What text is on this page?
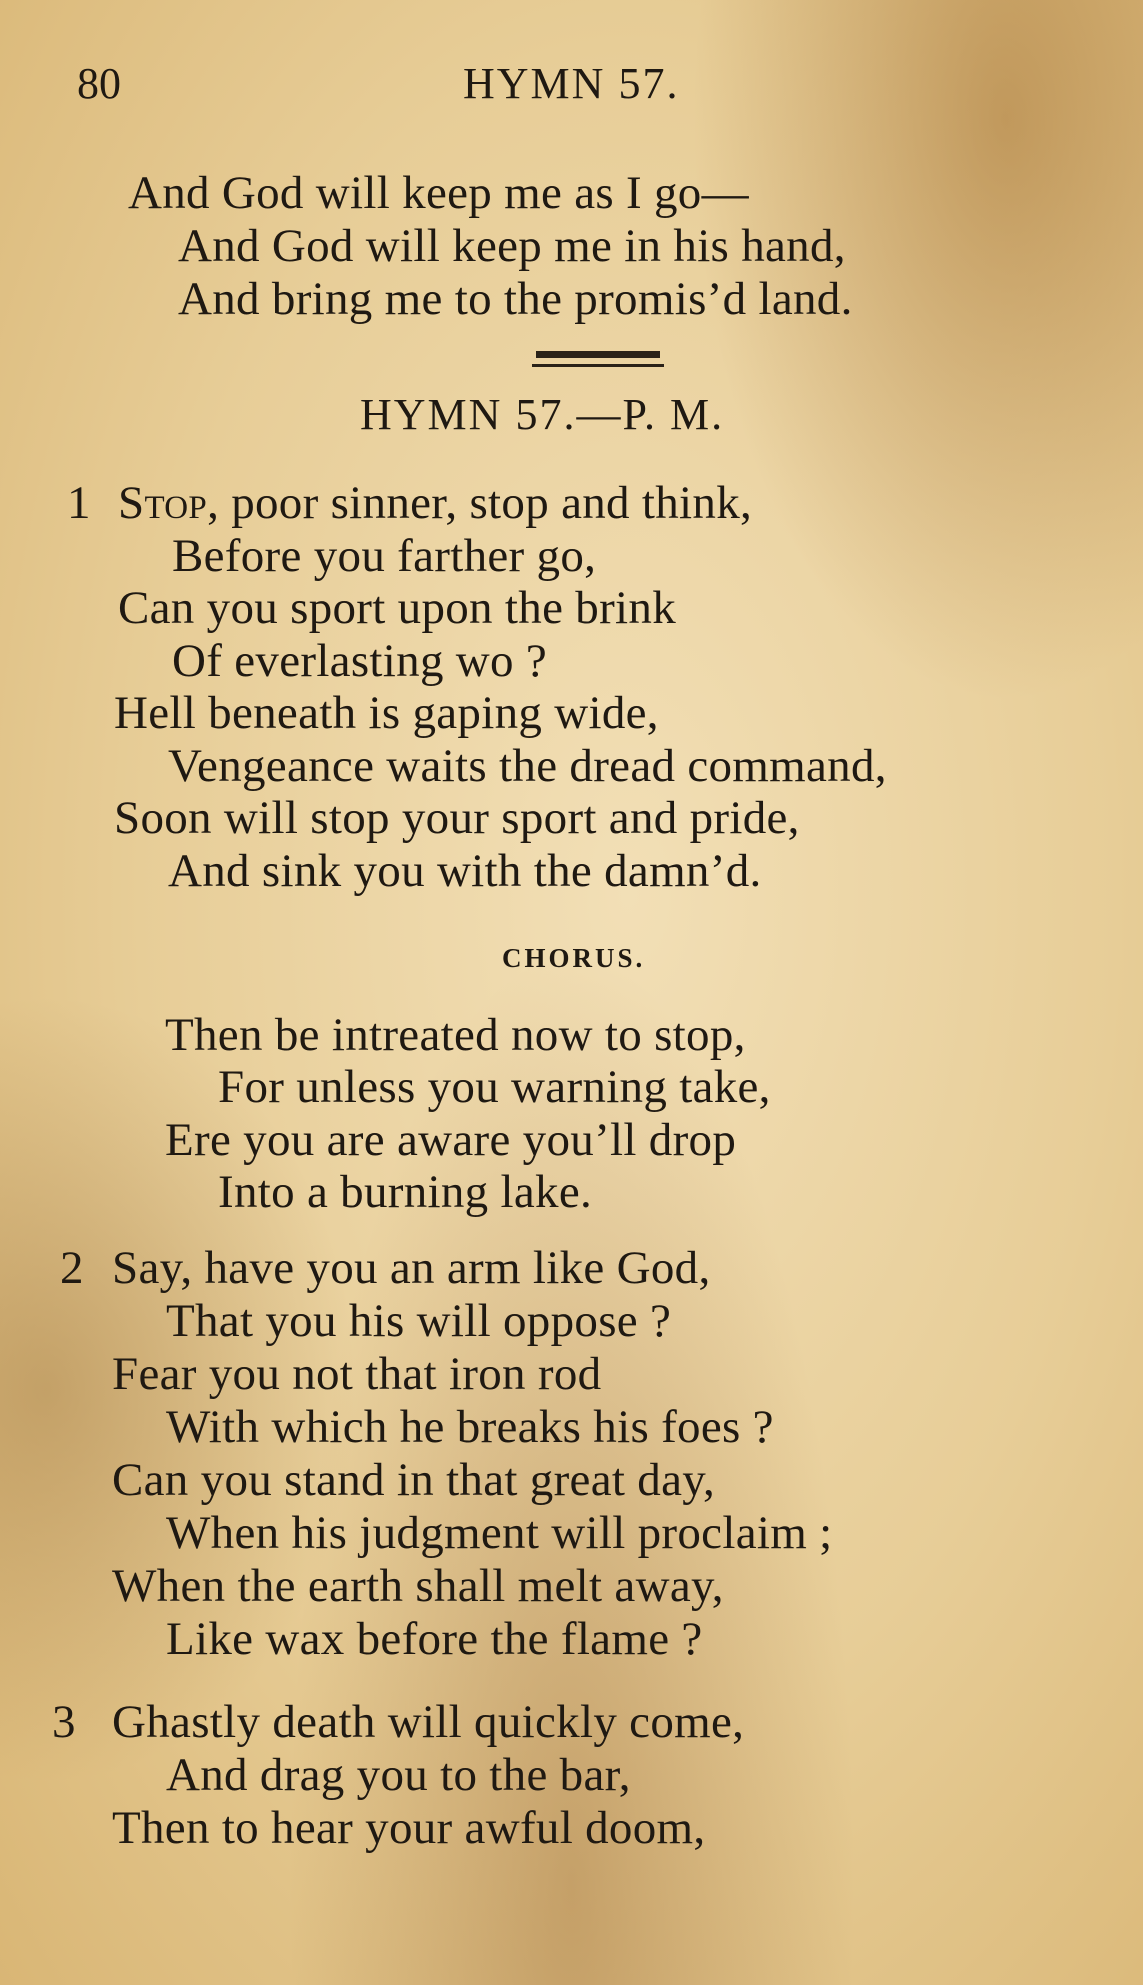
80	HYMN 57.
And God will keep me as I go—
And God will keep me in his hand,
And bring me to the promis’d land.
HYMN 57.—P. M.
1 Stop, poor sinner, stop and think,
Before you farther go,
Can you sport upon the brink
Of everlasting wo ?
Hell beneath is gaping wide,
Vengeance waits the dread command,
Soon will stop your sport and pride,
And sink you with the damn’d.
CHORUS.
Then be intreated now to stop,
For unless you warning take,
Ere you are aware you’ll drop
Into a burning lake.
2 Say, have you an arm like God,
That you his will oppose ?
Fear you not that iron rod
With which he breaks his foes ?
Can you stand in that great day,
When his judgment will proclaim ;
When the earth shall melt away,
Like wax before the flame ?
3 Ghastly death will quickly come,
And drag you to the bar,
Then to hear your awful doom,
